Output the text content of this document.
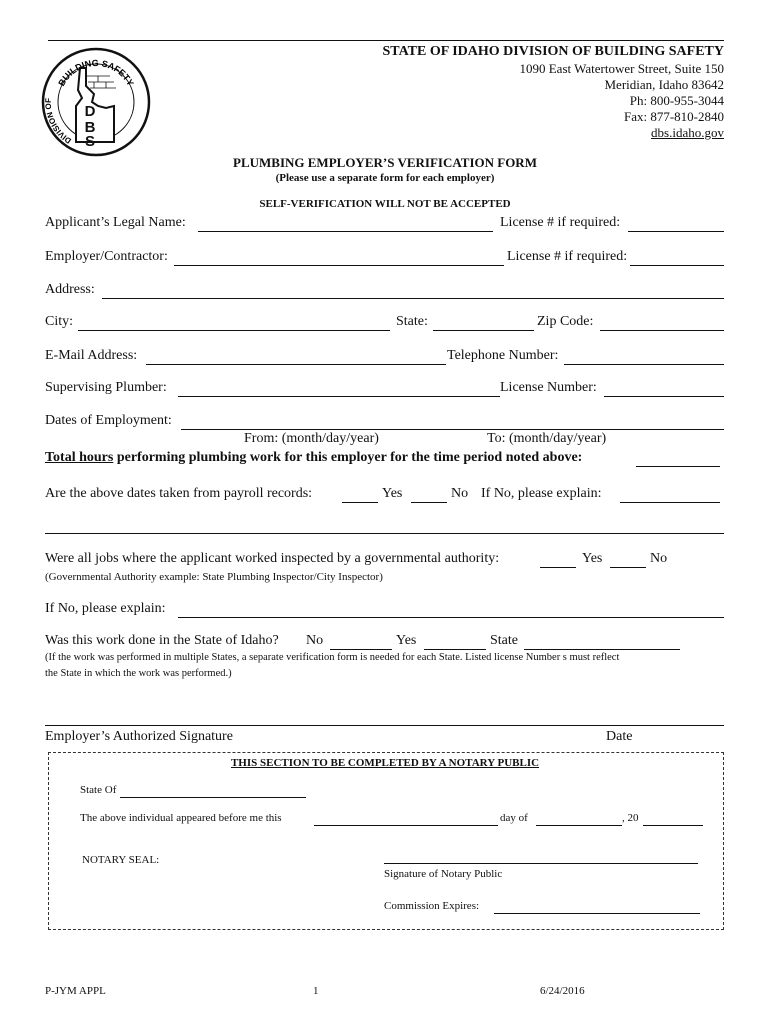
BUILDING SAFETY
DIVISION OF
D
B
S
STATE OF IDAHO DIVISION OF BUILDING SAFETY
1090 East Watertower Street, Suite 150
Meridian, Idaho 83642
Ph: 800-955-3044
Fax: 877-810-2840
dbs.idaho.gov
PLUMBING EMPLOYER’S VERIFICATION FORM
(Please use a separate form for each employer)
SELF-VERIFICATION WILL NOT BE ACCEPTED
Applicant’s Legal Name:	License # if required:
Employer/Contractor:	License # if required:
Address:
City:	State:	Zip Code:
E-Mail Address:	Telephone Number:
Supervising Plumber:	License Number:
Dates of Employment:
From: (month/day/year)	To: (month/day/year)
Total hours performing plumbing work for this employer for the time period noted above:
Are the above dates taken from payroll records:	Yes	No If No, please explain:
Were all jobs where the applicant worked inspected by a governmental authority:	Yes	No
(Governmental Authority example: State Plumbing Inspector/City Inspector)
If No, please explain:
Was this work done in the State of Idaho? No	Yes	State
(If the work was performed in multiple States, a separate verification form is needed for each State. Listed license Number s must reflect
the State in which the work was performed.)
Employer’s Authorized Signature	Date
THIS SECTION TO BE COMPLETED BY A NOTARY PUBLIC
State Of
The above individual appeared before me this	day of	, 20
NOTARY SEAL:
Signature of Notary Public
Commission Expires:
P-JYM APPL	1	6/24/2016
